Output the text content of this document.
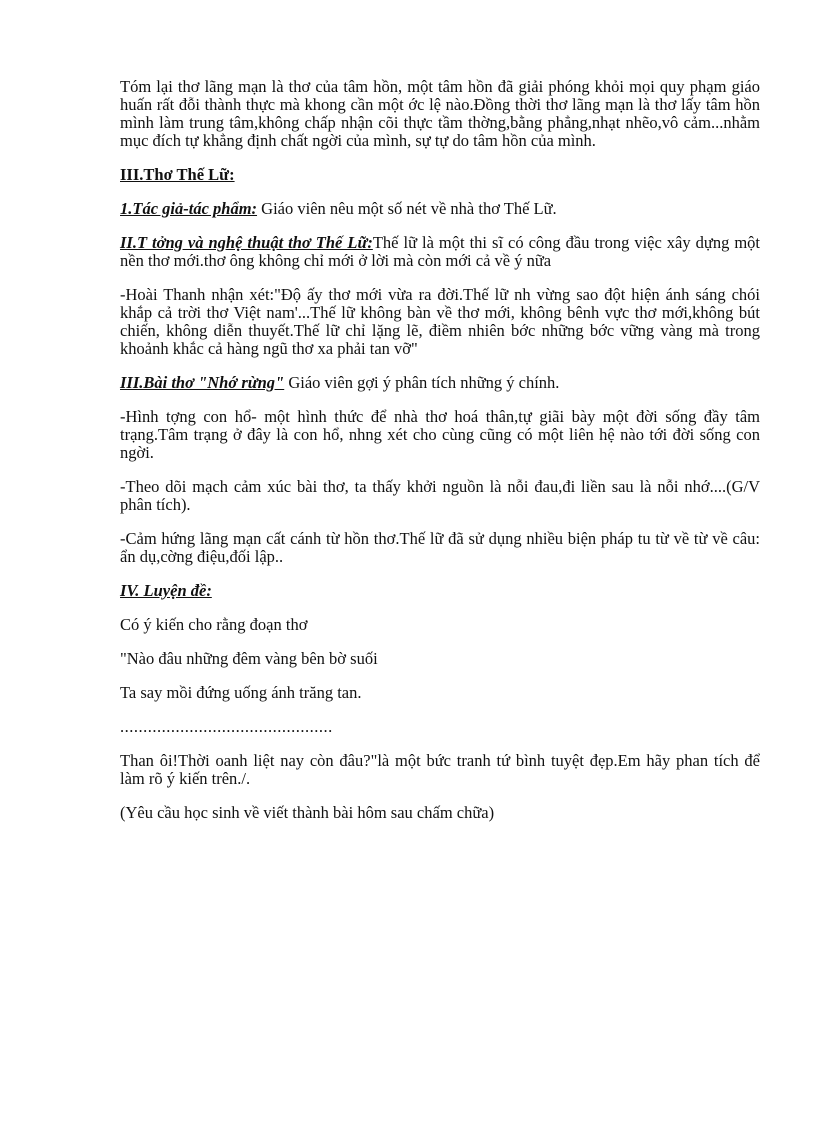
Tóm lại thơ lãng mạn là thơ của tâm hồn, một tâm hồn đã giải phóng khỏi mọi quy phạm giáo huấn rất đỗi thành thực mà khong cần một ớc lệ nào.Đồng thời thơ lãng mạn là thơ lấy tâm hồn mình làm trung tâm,không chấp nhận cõi thực tầm thờng,bằng phẳng,nhạt nhẽo,vô cảm...nhằm mục đích tự khẳng định chất ngời của mình, sự tự do tâm hồn của mình.

III.Thơ Thế Lữ:

1.Tác giả-tác phẩm: Giáo viên nêu một số nét về nhà thơ Thế Lữ.

II.T tởng và nghệ thuật thơ Thế Lữ:Thế lữ là một thi sĩ có công đầu trong việc xây dựng một nền thơ mới.thơ ông không chỉ mới ở lời mà còn mới cả về ý nữa

-Hoài Thanh nhận xét:"Độ ấy thơ mới vừa ra đời.Thế lữ nh vừng sao đột hiện ánh sáng chói khắp cả trời thơ Việt nam'...Thế lữ không bàn về thơ mới, không bênh vực thơ mới,không bút chiến, không diễn thuyết.Thế lữ chỉ lặng lẽ, điềm nhiên bớc những bớc vững vàng mà trong khoảnh khắc cả hàng ngũ thơ xa phải tan vỡ"

III.Bài thơ "Nhớ rừng" Giáo viên gợi ý phân tích những ý chính.

-Hình tợng con hổ- một hình thức để nhà thơ hoá thân,tự giãi bày một đời sống đầy tâm trạng.Tâm trạng ở đây là con hổ, nhng xét cho cùng cũng có một liên hệ nào tới đời sống con ngời.

-Theo dõi mạch cảm xúc bài thơ, ta thấy khởi nguồn là nỗi đau,đi liền sau là nỗi nhớ....(G/V phân tích).

-Cảm hứng lãng mạn cất cánh từ hồn thơ.Thế lữ đã sử dụng nhiều biện pháp tu từ về từ về câu: ẩn dụ,cờng điệu,đối lập..

IV. Luyện đề:

Có ý kiến cho rằng đoạn thơ

"Nào đâu những đêm vàng bên bờ suối

Ta say mồi đứng uống ánh trăng tan.

..............................................

Than ôi!Thời oanh liệt nay còn đâu?"là một bức tranh tứ bình tuyệt đẹp.Em hãy phan tích để làm rõ ý kiến trên./.

(Yêu cầu học sinh về viết thành bài hôm sau chấm chữa)
